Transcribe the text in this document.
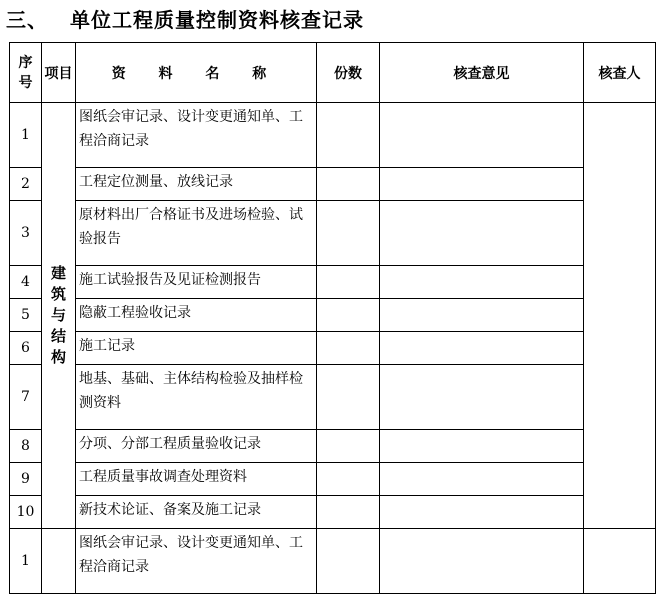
三、 单位工程质量控制资料核查记录
序号	项目	资 料 名 称	份数	核查意见	核查人
1	建筑与结构	图纸会审记录、设计变更通知单、工程洽商记录			
2		工程定位测量、放线记录			
3		原材料出厂合格证书及进场检验、试验报告			
4		施工试验报告及见证检测报告			
5		隐蔽工程验收记录			
6		施工记录			
7		地基、基础、主体结构检验及抽样检测资料			
8		分项、分部工程质量验收记录			
9		工程质量事故调查处理资料			
10		新技术论证、备案及施工记录			
1		图纸会审记录、设计变更通知单、工程洽商记录			
